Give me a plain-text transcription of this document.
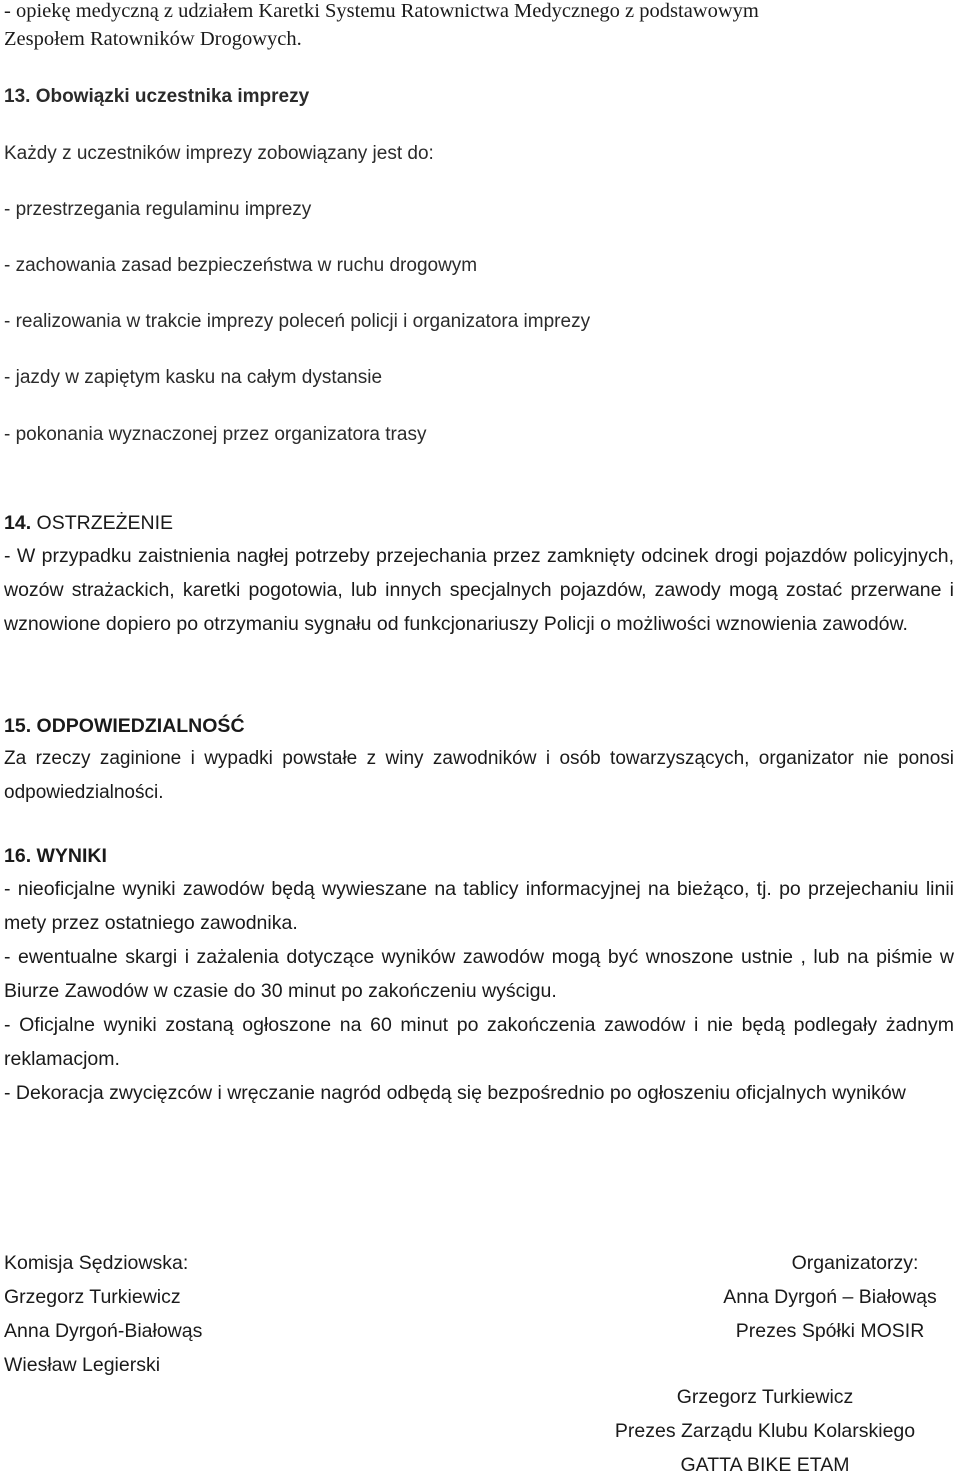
- opiekę medyczną z udziałem Karetki Systemu Ratownictwa Medycznego z podstawowym
Zespołem Ratowników Drogowych.
13. Obowiązki uczestnika imprezy
Każdy z uczestników imprezy zobowiązany jest do:
- przestrzegania regulaminu imprezy
- zachowania zasad bezpieczeństwa w ruchu drogowym
- realizowania w trakcie imprezy poleceń policji i organizatora imprezy
- jazdy w zapiętym kasku na całym dystansie
- pokonania wyznaczonej przez organizatora trasy
14. OSTRZEŻENIE

- W przypadku zaistnienia nagłej potrzeby przejechania przez zamknięty odcinek drogi pojazdów policyjnych, wozów strażackich, karetki pogotowia, lub innych specjalnych pojazdów, zawody mogą zostać przerwane i wznowione dopiero po otrzymaniu sygnału od funkcjonariuszy Policji o możliwości wznowienia zawodów.

15. ODPOWIEDZIALNOŚĆ

Za rzeczy zaginione i wypadki powstałe z winy zawodników i osób towarzyszących, organizator nie ponosi odpowiedzialności.

16. WYNIKI

- nieoficjalne wyniki zawodów będą wywieszane na tablicy informacyjnej na bieżąco, tj. po przejechaniu linii mety przez ostatniego zawodnika.

- ewentualne skargi i zażalenia dotyczące wyników zawodów mogą być wnoszone ustnie , lub na piśmie w Biurze Zawodów w czasie do 30 minut po zakończeniu wyścigu.

- Oficjalne wyniki zostaną ogłoszone na 60 minut po zakończenia zawodów i nie będą podlegały żadnym reklamacjom.

- Dekoracja zwycięzców i wręczanie nagród odbędą się bezpośrednio po ogłoszeniu oficjalnych wyników

Komisja Sędziowska:
Grzegorz Turkiewicz
Anna Dyrgoń-Białowąs
Wiesław Legierski
Organizatorzy:
Anna Dyrgoń – Białowąs
Prezes Spółki MOSIR
Grzegorz Turkiewicz
Prezes Zarządu Klubu Kolarskiego
GATTA BIKE ETAM
